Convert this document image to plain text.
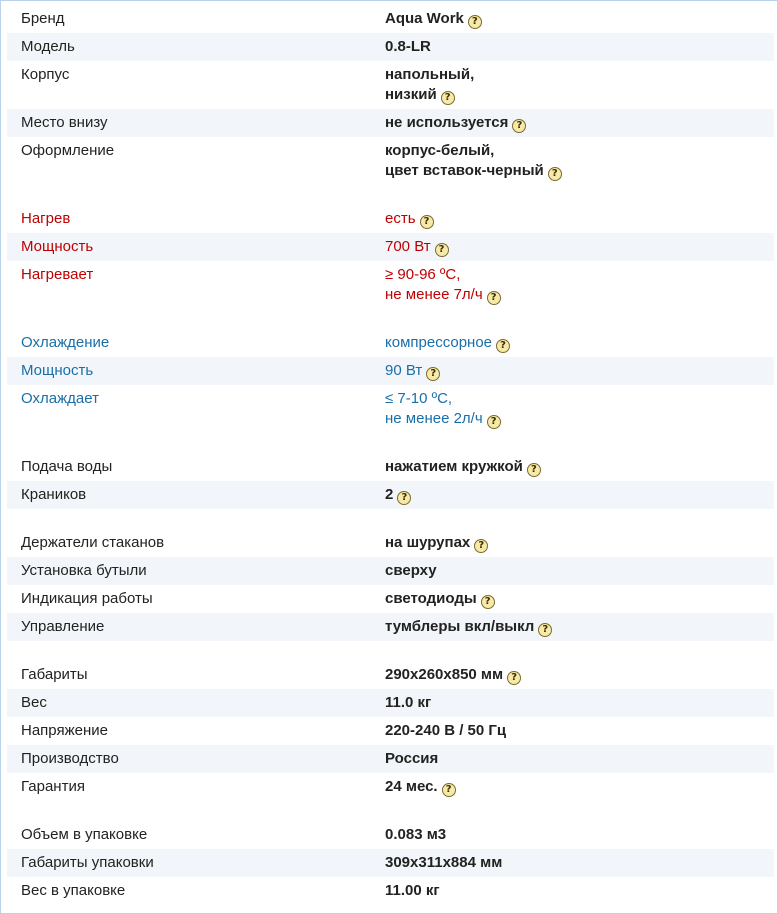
Бренд	Aqua Work ?

Модель	0.8-LR

Корпус	напольный,
низкий ?

Место внизу	не используется ?

Оформление	корпус-белый,
цвет вставок-черный ?

Нагрев	есть ?

Мощность	700 Вт ?

Нагревает	≥ 90-96 ºC,
не менее 7л/ч ?

Охлаждение	компрессорное ?

Мощность	90 Вт ?

Охлаждает	≤ 7-10 ºC,
не менее 2л/ч ?

Подача воды	нажатием кружкой ?

Краников	2 ?

Держатели стаканов	на шурупах ?

Установка бутыли	сверху

Индикация работы	светодиоды ?

Управление	тумблеры вкл/выкл ?

Габариты	290x260x850 мм ?

Вес	11.0 кг

Напряжение	220-240 В / 50 Гц

Производство	Россия

Гарантия	24 мес. ?

Объем в упаковке	0.083 м3

Габариты упаковки	309x311x884 мм

Вес в упаковке	11.00 кг
